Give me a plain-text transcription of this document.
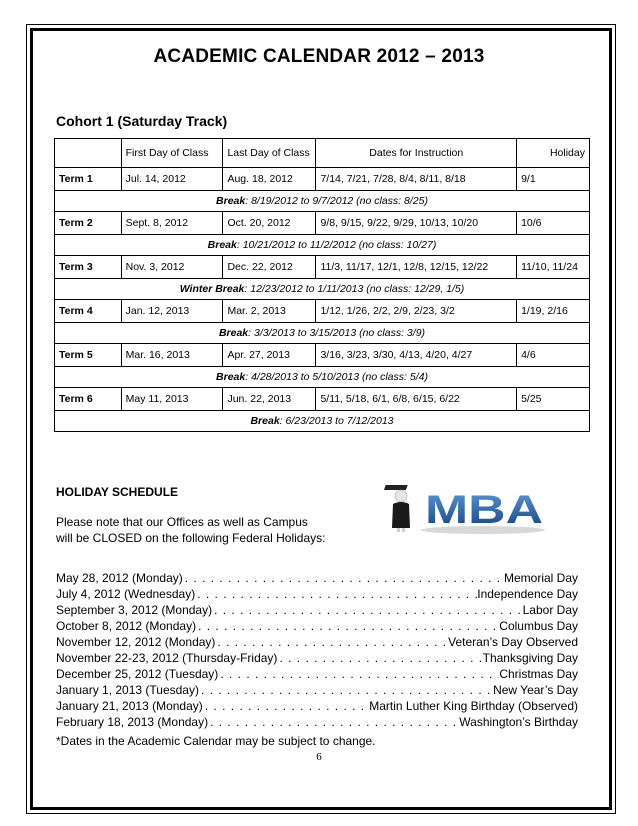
ACADEMIC CALENDAR 2012 – 2013
Cohort 1 (Saturday Track)
	First Day of Class	Last Day of Class	Dates for Instruction	Holiday
Term 1	Jul. 14, 2012	Aug. 18, 2012	7/14, 7/21, 7/28, 8/4, 8/11, 8/18	9/1
Break: 8/19/2012 to 9/7/2012 (no class: 8/25)				
Term 2	Sept. 8, 2012	Oct. 20, 2012	9/8, 9/15, 9/22, 9/29, 10/13, 10/20	10/6
Break: 10/21/2012 to 11/2/2012 (no class: 10/27)				
Term 3	Nov. 3, 2012	Dec. 22, 2012	11/3, 11/17, 12/1, 12/8, 12/15, 12/22	11/10, 11/24
Winter Break: 12/23/2012 to 1/11/2013 (no class: 12/29, 1/5)				
Term 4	Jan. 12, 2013	Mar. 2, 2013	1/12, 1/26, 2/2, 2/9, 2/23, 3/2	1/19, 2/16
Break: 3/3/2013 to 3/15/2013 (no class: 3/9)				
Term 5	Mar. 16, 2013	Apr. 27, 2013	3/16, 3/23, 3/30, 4/13, 4/20, 4/27	4/6
Break: 4/28/2013 to 5/10/2013 (no class: 5/4)				
Term 6	May 11, 2013	Jun. 22, 2013	5/11, 5/18, 6/1, 6/8, 6/15, 6/22	5/25
Break: 6/23/2013 to 7/12/2013				
HOLIDAY SCHEDULE
Please note that our Offices as well as Campus
will be CLOSED on the following Federal Holidays:
MBA
May 28, 2012 (Monday) . . .	Memorial Day
July 4, 2012 (Wednesday) . . .	Independence Day
September 3, 2012 (Monday) . . .	Labor Day
October 8, 2012 (Monday) . . .	Columbus Day
November 12, 2012 (Monday) . . .	Veteran’s Day Observed
November 22-23, 2012 (Thursday-Friday) . . .	Thanksgiving Day
December 25, 2012 (Tuesday) . . .	Christmas Day
January 1, 2013 (Tuesday) . . .	New Year’s Day
January 21, 2013 (Monday) . . .	Martin Luther King Birthday (Observed)
February 18, 2013 (Monday) . . .	Washington’s Birthday
*Dates in the Academic Calendar may be subject to change.
6
